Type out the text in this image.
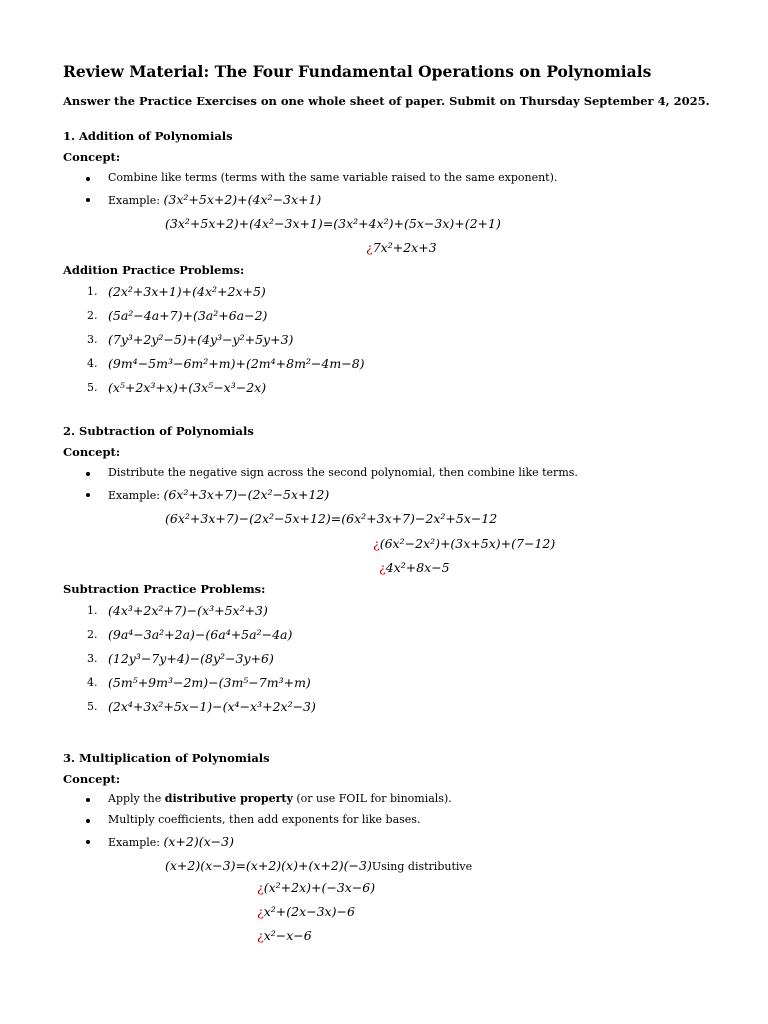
Review Material: The Four Fundamental Operations on Polynomials
Answer the Practice Exercises on one whole sheet of paper. Submit on Thursday September 4, 2025.
1. Addition of Polynomials
Concept:
Combine like terms (terms with the same variable raised to the same exponent).
Example: (3x²+5x+2)+(4x²−3x+1)
(3x²+5x+2)+(4x²−3x+1)=(3x²+4x²)+(5x−3x)+(2+1)
¿7x²+2x+3
Addition Practice Problems:
1. (2x²+3x+1)+(4x²+2x+5)
2. (5a²−4a+7)+(3a²+6a−2)
3. (7y³+2y²−5)+(4y³−y²+5y+3)
4. (9m⁴−5m³−6m²+m)+(2m⁴+8m²−4m−8)
5. (x⁵+2x³+x)+(3x⁵−x³−2x)
2. Subtraction of Polynomials
Concept:
Distribute the negative sign across the second polynomial, then combine like terms.
Example: (6x²+3x+7)−(2x²−5x+12)
(6x²+3x+7)−(2x²−5x+12)=(6x²+3x+7)−2x²+5x−12
¿(6x²−2x²)+(3x+5x)+(7−12)
¿4x²+8x−5
Subtraction Practice Problems:
1. (4x³+2x²+7)−(x³+5x²+3)
2. (9a⁴−3a²+2a)−(6a⁴+5a²−4a)
3. (12y³−7y+4)−(8y²−3y+6)
4. (5m⁵+9m³−2m)−(3m⁵−7m³+m)
5. (2x⁴+3x²+5x−1)−(x⁴−x³+2x²−3)
3. Multiplication of Polynomials
Concept:
Apply the distributive property (or use FOIL for binomials).
Multiply coefficients, then add exponents for like bases.
Example: (x+2)(x−3)
(x+2)(x−3)=(x+2)(x)+(x+2)(−3)Using distributive
¿(x²+2x)+(−3x−6)
¿x²+(2x−3x)−6
¿x²−x−6
